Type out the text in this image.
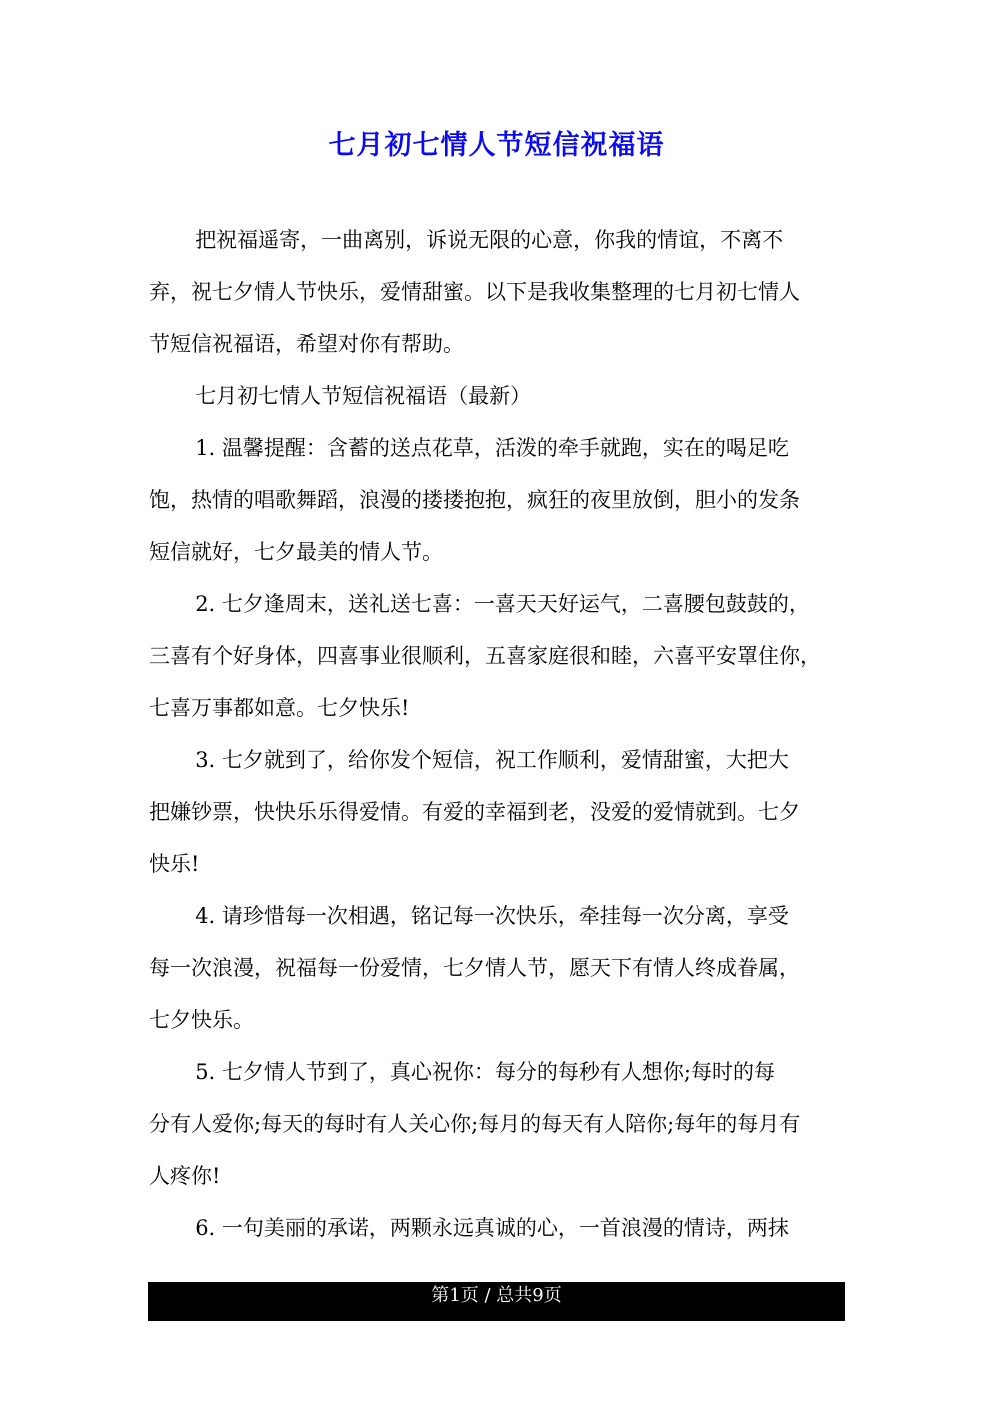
七月初七情人节短信祝福语

把祝福遥寄，一曲离别，诉说无限的心意，你我的情谊，不离不
弃，祝七夕情人节快乐，爱情甜蜜。以下是我收集整理的七月初七情人
节短信祝福语，希望对你有帮助。

七月初七情人节短信祝福语（最新）

1. 温馨提醒：含蓄的送点花草，活泼的牵手就跑，实在的喝足吃
饱，热情的唱歌舞蹈，浪漫的搂搂抱抱，疯狂的夜里放倒，胆小的发条
短信就好，七夕最美的情人节。

2. 七夕逢周末，送礼送七喜：一喜天天好运气，二喜腰包鼓鼓的，
三喜有个好身体，四喜事业很顺利，五喜家庭很和睦，六喜平安罩住你，
七喜万事都如意。七夕快乐!

3. 七夕就到了，给你发个短信，祝工作顺利，爱情甜蜜，大把大
把嫌钞票，快快乐乐得爱情。有爱的幸福到老，没爱的爱情就到。七夕
快乐!

4. 请珍惜每一次相遇，铭记每一次快乐，牵挂每一次分离，享受
每一次浪漫，祝福每一份爱情，七夕情人节，愿天下有情人终成眷属，
七夕快乐。

5. 七夕情人节到了，真心祝你：每分的每秒有人想你;每时的每
分有人爱你;每天的每时有人关心你;每月的每天有人陪你;每年的每月有
人疼你!

6. 一句美丽的承诺，两颗永远真诚的心，一首浪漫的情诗，两抹

第1页 / 总共9页
